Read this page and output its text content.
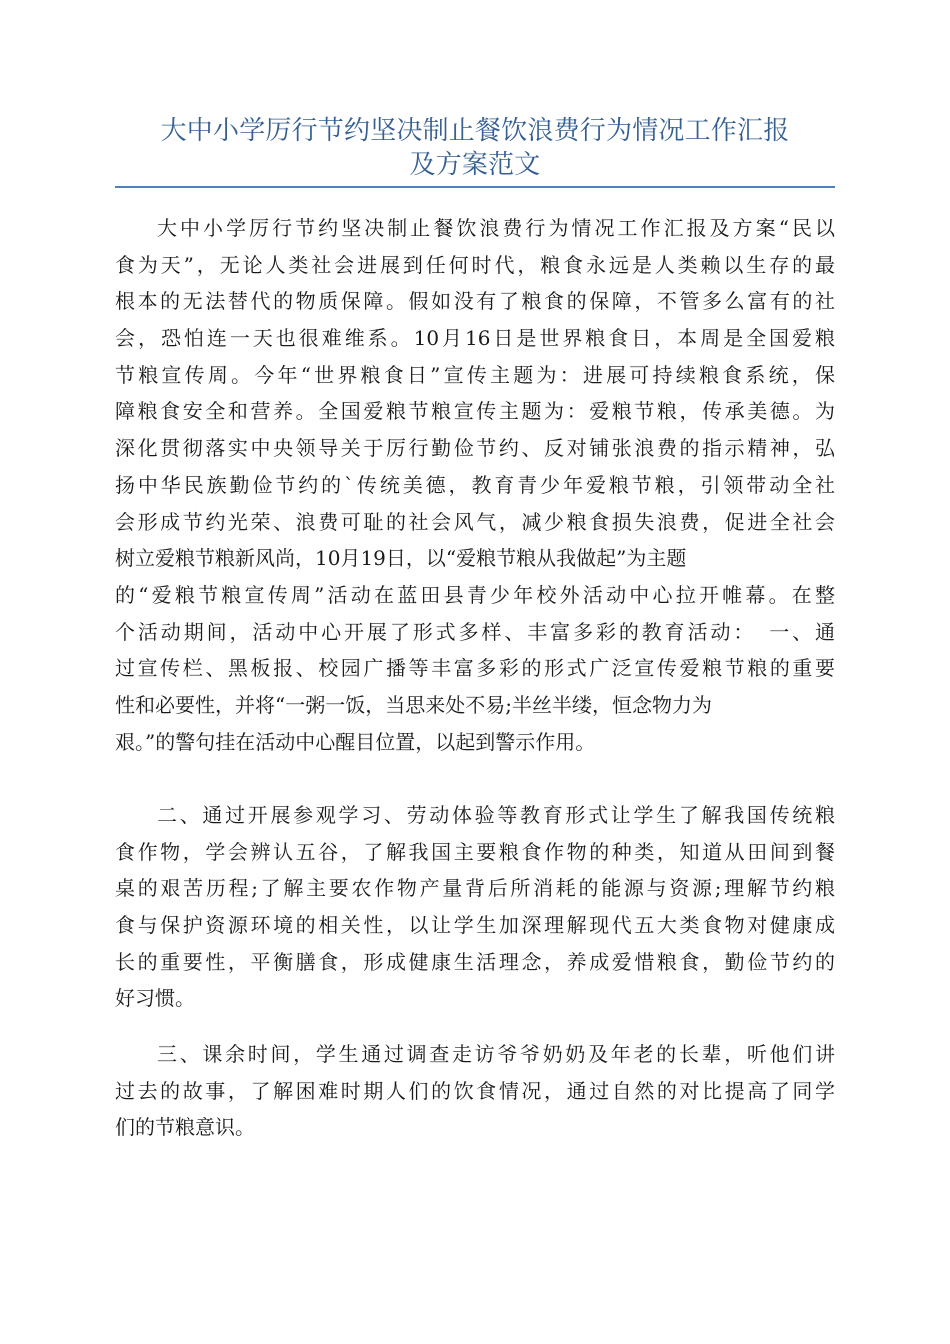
大中小学厉行节约坚决制止餐饮浪费行为情况工作汇报
及方案范文
大中小学厉行节约坚决制止餐饮浪费行为情况工作汇报及方案“民以
食为天”，无论人类社会进展到任何时代，粮食永远是人类赖以生存的最
根本的无法替代的物质保障。假如没有了粮食的保障，不管多么富有的社
会，恐怕连一天也很难维系。10月16日是世界粮食日，本周是全国爱粮
节粮宣传周。今年“世界粮食日”宣传主题为：进展可持续粮食系统，保
障粮食安全和营养。全国爱粮节粮宣传主题为：爱粮节粮，传承美德。为
深化贯彻落实中央领导关于厉行勤俭节约、反对铺张浪费的指示精神，弘
扬中华民族勤俭节约的`传统美德，教育青少年爱粮节粮，引领带动全社
会形成节约光荣、浪费可耻的社会风气，减少粮食损失浪费，促进全社会
树立爱粮节粮新风尚，10月19日，以“爱粮节粮从我做起”为主题
的“爱粮节粮宣传周”活动在蓝田县青少年校外活动中心拉开帷幕。在整
个活动期间，活动中心开展了形式多样、丰富多彩的教育活动：　一、通
过宣传栏、黑板报、校园广播等丰富多彩的形式广泛宣传爱粮节粮的重要
性和必要性，并将“一粥一饭，当思来处不易;半丝半缕，恒念物力为
艰。”的警句挂在活动中心醒目位置，以起到警示作用。
二、通过开展参观学习、劳动体验等教育形式让学生了解我国传统粮
食作物，学会辨认五谷，了解我国主要粮食作物的种类，知道从田间到餐
桌的艰苦历程;了解主要农作物产量背后所消耗的能源与资源;理解节约粮
食与保护资源环境的相关性，以让学生加深理解现代五大类食物对健康成
长的重要性，平衡膳食，形成健康生活理念，养成爱惜粮食，勤俭节约的
好习惯。
三、课余时间，学生通过调查走访爷爷奶奶及年老的长辈，听他们讲
过去的故事，了解困难时期人们的饮食情况，通过自然的对比提高了同学
们的节粮意识。
